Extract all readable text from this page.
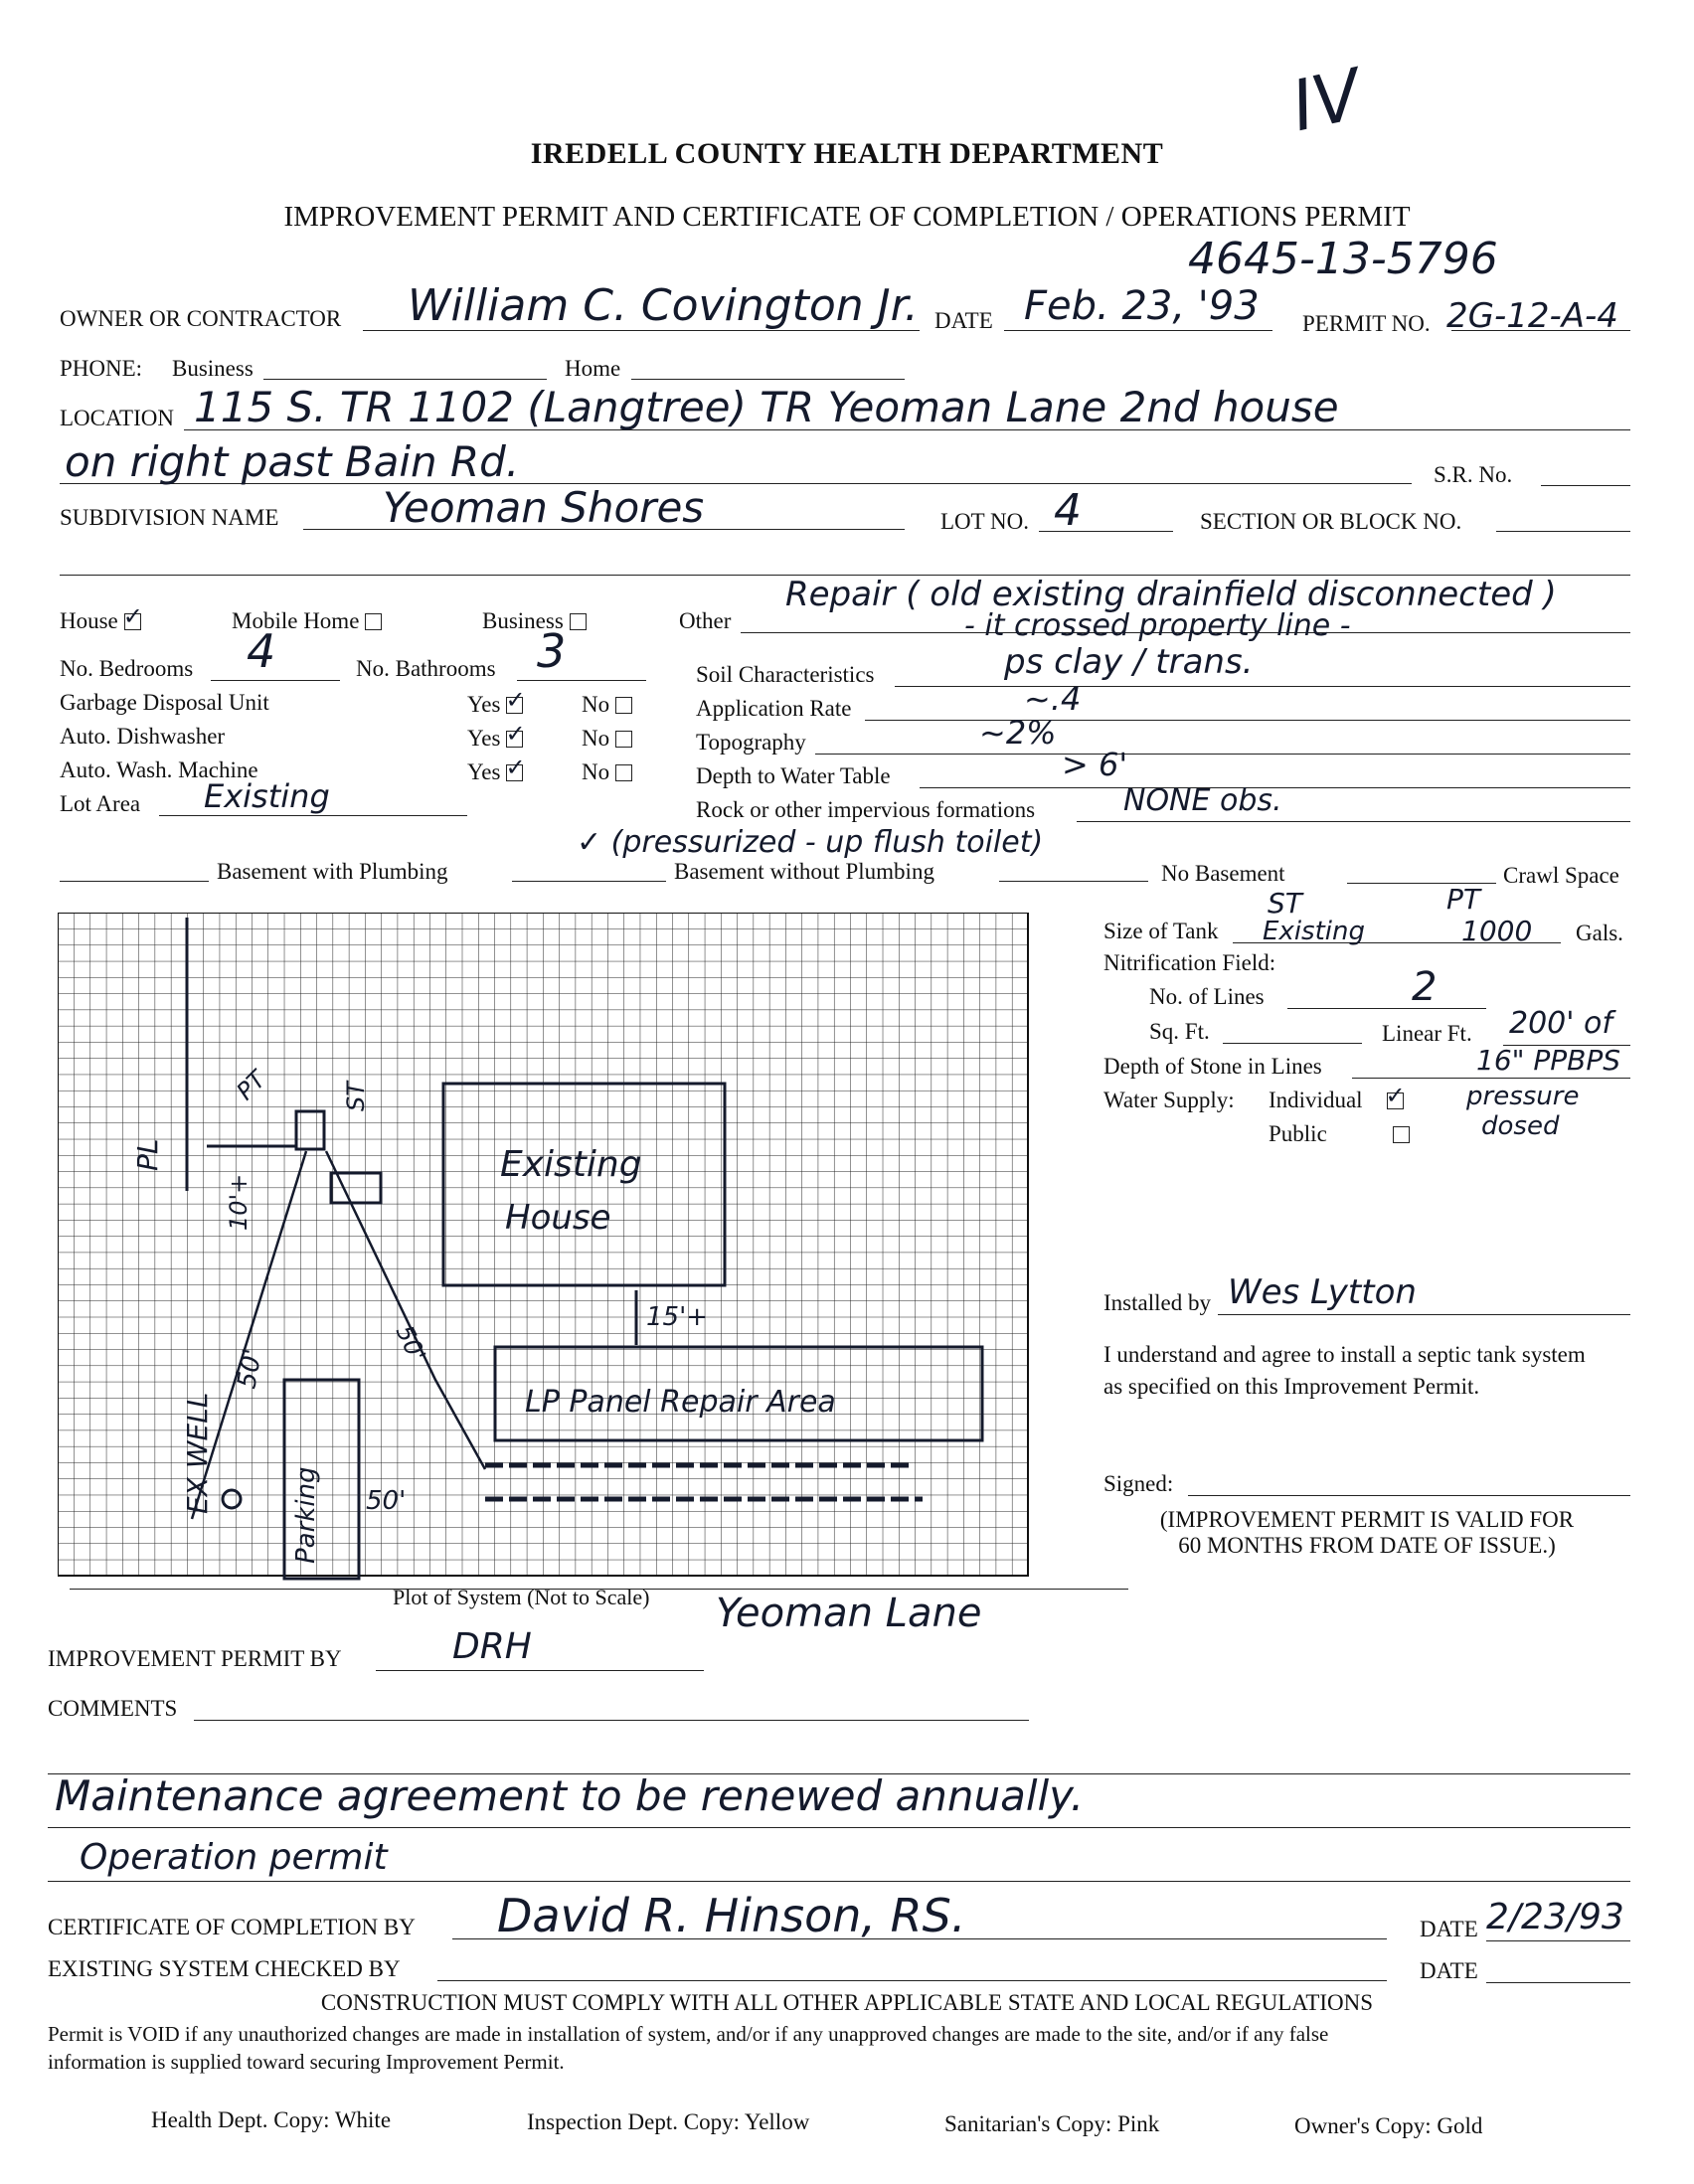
IV
IREDELL COUNTY HEALTH DEPARTMENT
IMPROVEMENT PERMIT AND CERTIFICATE OF COMPLETION / OPERATIONS PERMIT
4645-13-5796
OWNER OR CONTRACTOR William C. Covington Jr. DATE Feb. 23, '93 PERMIT NO. 2G-12-A-4
PHONE: Business	Home
LOCATION 115 S. TR 1102 (Langtree) TR Yeoman Lane 2nd house
on right past Bain Rd.	S.R. No.
SUBDIVISION NAME Yeoman Shores	LOT NO. 4	SECTION OR BLOCK NO.
House ✓	Mobile Home	Business	Other
Repair ( old existing drainfield disconnected )
- it crossed property line -
No. Bedrooms 4	No. Bathrooms 3
Garbage Disposal Unit	Yes ✓	No
Auto. Dishwasher	Yes ✓	No
Auto. Wash. Machine	Yes ✓	No
Lot Area Existing
Soil Characteristics	ps clay / trans.
Application Rate	~.4
Topography	~2%
Depth to Water Table	> 6'
Rock or other impervious formations	NONE obs.
Basement with Plumbing
✓ (pressurized - up flush toilet)
Basement without Plumbing	No Basement	Crawl Space
ST	PT
Size of Tank Existing	1000 Gals.
Nitrification Field:
No. of Lines	2
Sq. Ft.	Linear Ft. 200' of
Depth of Stone in Lines	16" PPBPS
Water Supply: Individual✓
Public
pressure
dosed
Installed by Wes Lytton
I understand and agree to install a septic tank system
as specified on this Improvement Permit.
Signed:
(IMPROVEMENT PERMIT IS VALID FOR
60 MONTHS FROM DATE OF ISSUE.)
PL	Existing
House
LP Panel Repair Area
ST
PT
10'+
15'+
50'
50'
50'
Parking
EX WELL
Plot of System (Not to Scale) Yeoman Lane
IMPROVEMENT PERMIT BY	DRH
COMMENTS
Maintenance agreement to be renewed annually.
Operation permit
CERTIFICATE OF COMPLETION BY David R. Hinson, RS.	DATE 2/23/93
EXISTING SYSTEM CHECKED BY	DATE
CONSTRUCTION MUST COMPLY WITH ALL OTHER APPLICABLE STATE AND LOCAL REGULATIONS
Permit is VOID if any unauthorized changes are made in installation of system, and/or if any unapproved changes are made to the site, and/or if any false
information is supplied toward securing Improvement Permit.
Health Dept. Copy: White	Inspection Dept. Copy: Yellow	Sanitarian's Copy: Pink	Owner's Copy: Gold
